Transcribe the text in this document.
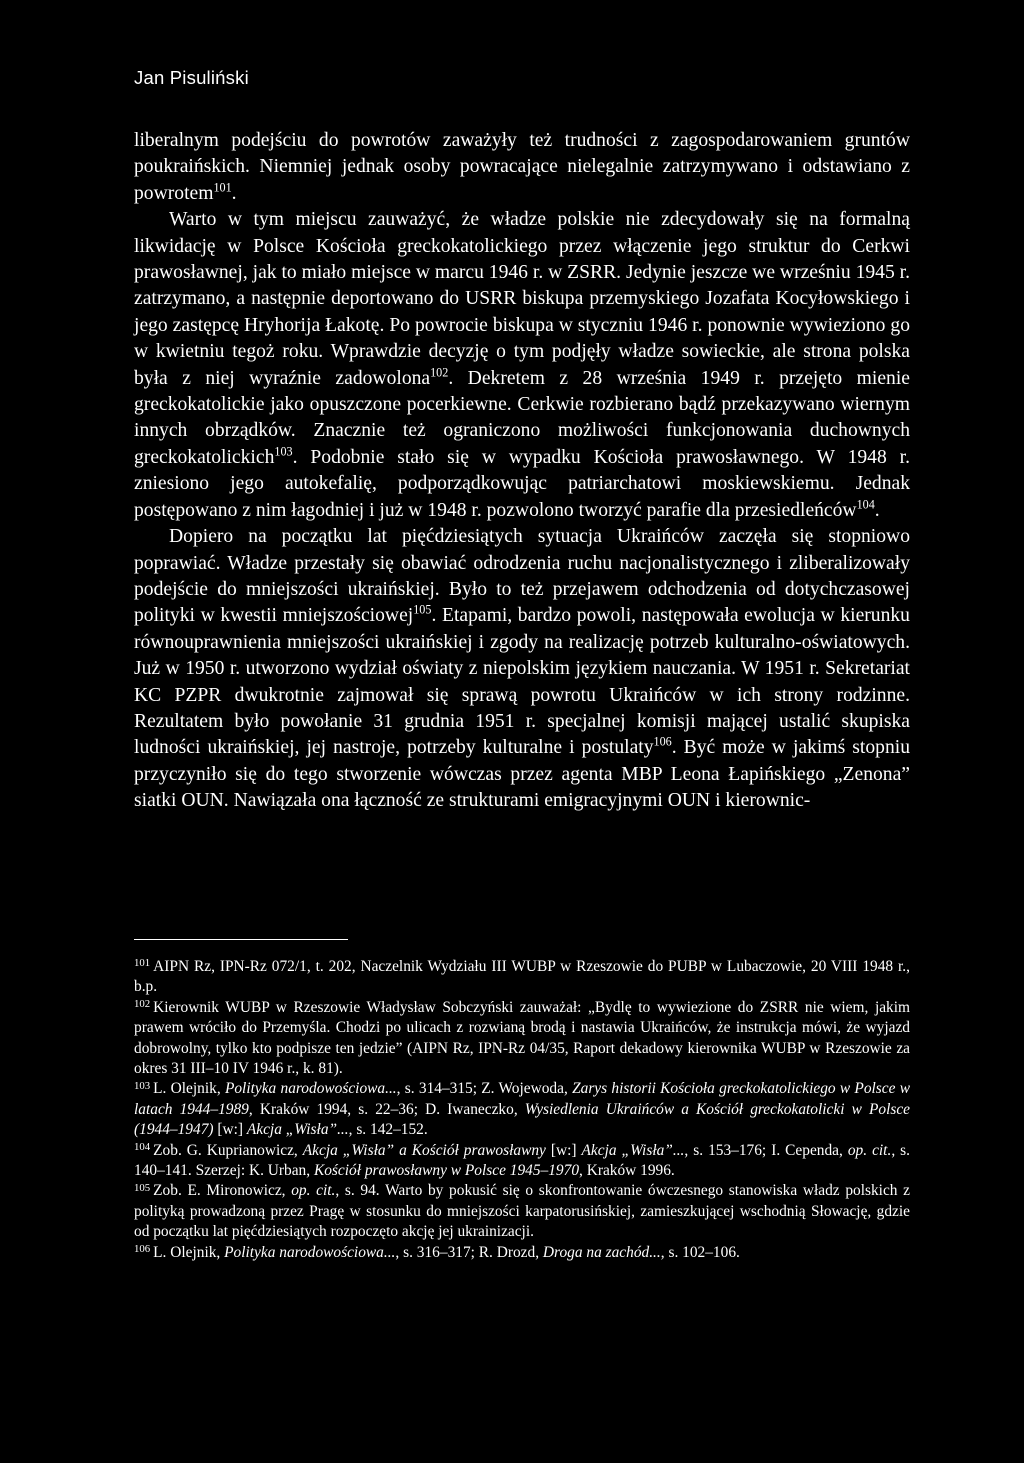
Jan Pisuliński

liberalnym podejściu do powrotów zaważyły też trudności z zagospodarowaniem gruntów poukraińskich. Niemniej jednak osoby powracające nielegalnie zatrzymywano i odstawiano z powrotem$^{101}$.

Warto w tym miejscu zauważyć, że władze polskie nie zdecydowały się na formalną likwidację w Polsce Kościoła greckokatolickiego przez włączenie jego struktur do Cerkwi prawosławnej, jak to miało miejsce w marcu 1946 r. w ZSRR. Jedynie jeszcze we wrześniu 1945 r. zatrzymano, a następnie deportowano do USRR biskupa przemyskiego Jozafata Kocyłowskiego i jego zastępcę Hryhorija Łakotę. Po powrocie biskupa w styczniu 1946 r. ponownie wywieziono go w kwietniu tegoż roku. Wprawdzie decyzję o tym podjęły władze sowieckie, ale strona polska była z niej wyraźnie zadowolona$^{102}$. Dekretem z 28 września 1949 r. przejęto mienie greckokatolickie jako opuszczone pocerkiewne. Cerkwie rozbierano bądź przekazywano wiernym innych obrządków. Znacznie też ograniczono możliwości funkcjonowania duchownych greckokatolickich$^{103}$. Podobnie stało się w wypadku Kościoła prawosławnego. W 1948 r. zniesiono jego autokefalię, podporządkowując patriarchatowi moskiewskiemu. Jednak postępowano z nim łagodniej i już w 1948 r. pozwolono tworzyć parafie dla przesiedleńców$^{104}$.

Dopiero na początku lat pięćdziesiątych sytuacja Ukraińców zaczęła się stopniowo poprawiać. Władze przestały się obawiać odrodzenia ruchu nacjonalistycznego i zliberalizowały podejście do mniejszości ukraińskiej. Było to też przejawem odchodzenia od dotychczasowej polityki w kwestii mniejszościowej$^{105}$. Etapami, bardzo powoli, następowała ewolucja w kierunku równouprawnienia mniejszości ukraińskiej i zgody na realizację potrzeb kulturalno-oświatowych. Już w 1950 r. utworzono wydział oświaty z niepolskim językiem nauczania. W 1951 r. Sekretariat KC PZPR dwukrotnie zajmował się sprawą powrotu Ukraińców w ich strony rodzinne. Rezultatem było powołanie 31 grudnia 1951 r. specjalnej komisji mającej ustalić skupiska ludności ukraińskiej, jej nastroje, potrzeby kulturalne i postulaty$^{106}$. Być może w jakimś stopniu przyczyniło się do tego stworzenie wówczas przez agenta MBP Leona Łapińskiego „Zenona” siatki OUN. Nawiązała ona łączność ze strukturami emigracyjnymi OUN i kierownic-

$^{101}$ AIPN Rz, IPN-Rz 072/1, t. 202, Naczelnik Wydziału III WUBP w Rzeszowie do PUBP w Lubaczowie, 20 VIII 1948 r., b.p.

$^{102}$ Kierownik WUBP w Rzeszowie Władysław Sobczyński zauważał: „Bydlę to wywiezione do ZSRR nie wiem, jakim prawem wróciło do Przemyśla. Chodzi po ulicach z rozwianą brodą i nastawia Ukraińców, że instrukcja mówi, że wyjazd dobrowolny, tylko kto podpisze ten jedzie” (AIPN Rz, IPN-Rz 04/35, Raport dekadowy kierownika WUBP w Rzeszowie za okres 31 III–10 IV 1946 r., k. 81).

$^{103}$ L. Olejnik, Polityka narodowościowa..., s. 314–315; Z. Wojewoda, Zarys historii Kościoła greckokatolickiego w Polsce w latach 1944–1989, Kraków 1994, s. 22–36; D. Iwaneczko, Wysiedlenia Ukraińców a Kościół greckokatolicki w Polsce (1944–1947) [w:] Akcja „Wisła”..., s. 142–152.

$^{104}$ Zob. G. Kuprianowicz, Akcja „Wisła” a Kościół prawosławny [w:] Akcja „Wisła”..., s. 153–176; I. Cependa, op. cit., s. 140–141. Szerzej: K. Urban, Kościół prawosławny w Polsce 1945–1970, Kraków 1996.

$^{105}$ Zob. E. Mironowicz, op. cit., s. 94. Warto by pokusić się o skonfrontowanie ówczesnego stanowiska władz polskich z polityką prowadzoną przez Pragę w stosunku do mniejszości karpatorusińskiej, zamieszkującej wschodnią Słowację, gdzie od początku lat pięćdziesiątych rozpoczęto akcję jej ukrainizacji.

$^{106}$ L. Olejnik, Polityka narodowościowa..., s. 316–317; R. Drozd, Droga na zachód..., s. 102–106.
